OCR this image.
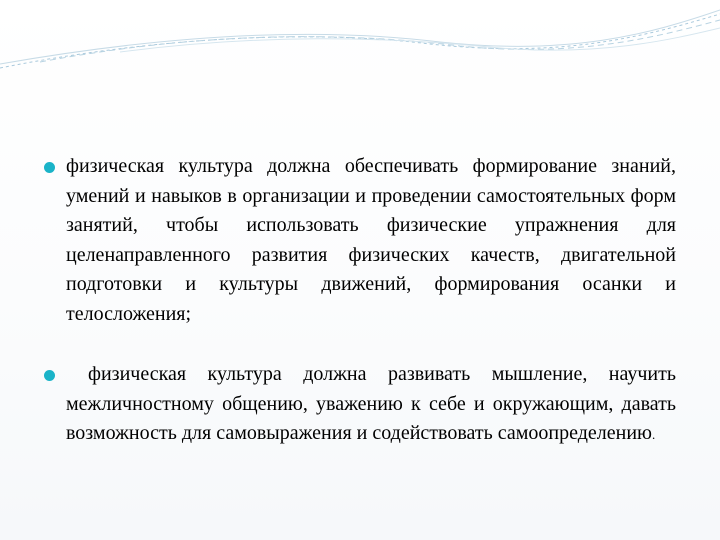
физическая культура должна обеспечивать формирование знаний, умений и навыков в организации и проведении самостоятельных форм занятий, чтобы использовать физические упражнения для целенаправленного развития физических качеств, двигательной подготовки и культуры движений, формирования осанки и телосложения;
физическая культура должна развивать мышление, научить межличностному общению, уважению к себе и окружающим, давать возможность для самовыражения и содействовать самоопределению.
